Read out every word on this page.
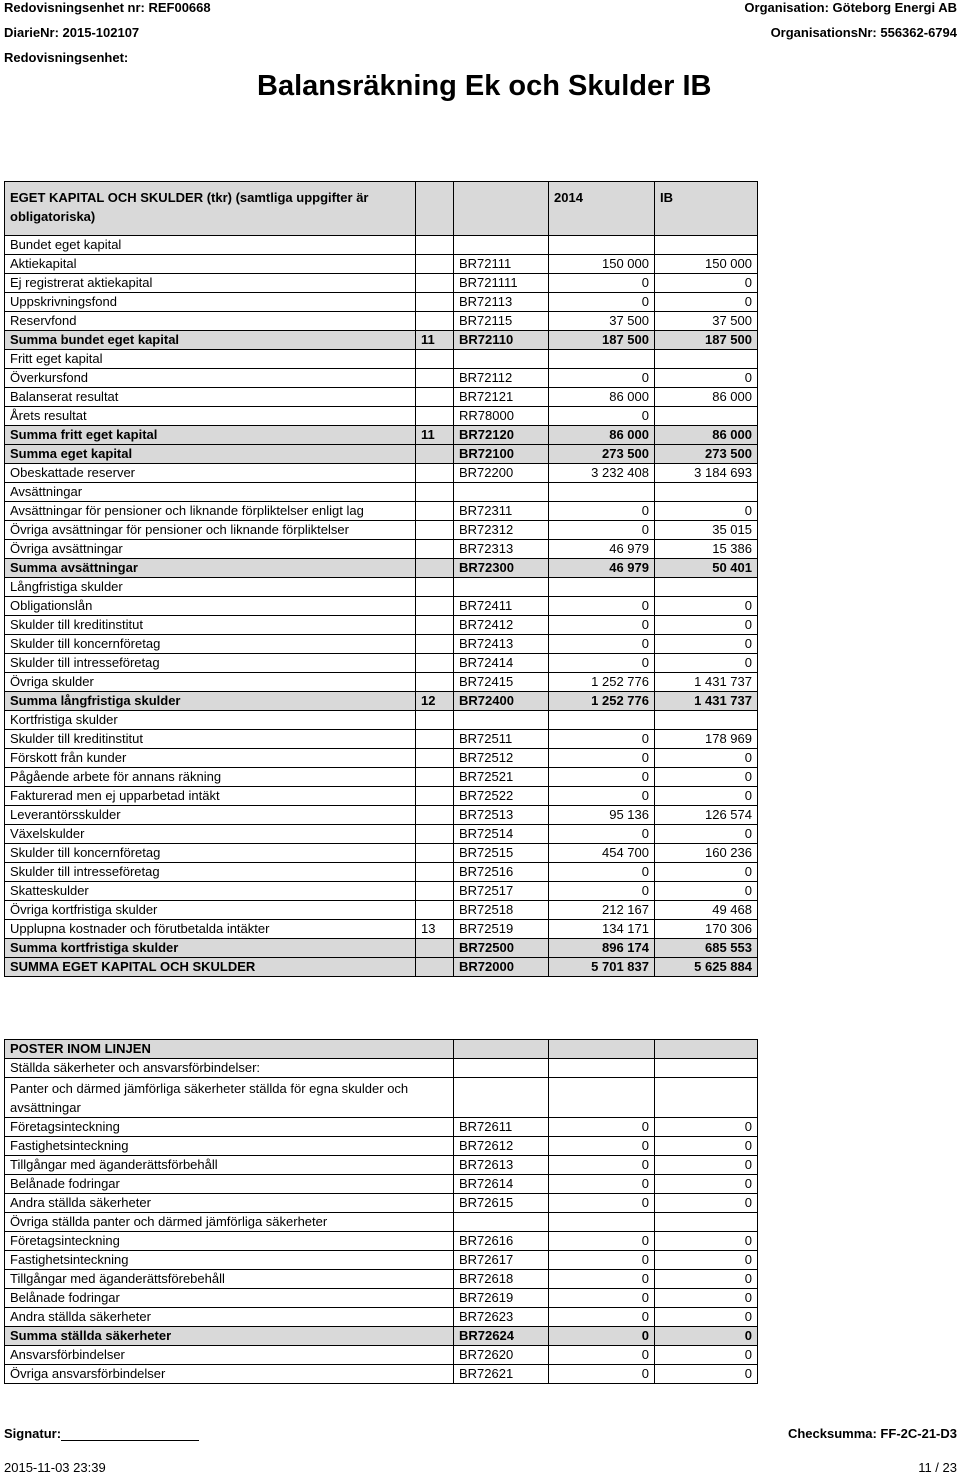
Redovisningsenhet nr: REF00668
DiarieNr: 2015-102107
Redovisningsenhet:
Organisation: Göteborg Energi AB
OrganisationsNr: 556362-6794
Balansräkning Ek och Skulder IB
EGET KAPITAL OCH SKULDER (tkr) (samtliga uppgifter är obligatoriska)			2014	IB
Bundet eget kapital				
Aktiekapital		BR72111	150 000	150 000
Ej registrerat aktiekapital		BR721111	0	0
Uppskrivningsfond		BR72113	0	0
Reservfond		BR72115	37 500	37 500
Summa bundet eget kapital	11	BR72110	187 500	187 500
Fritt eget kapital				
Överkursfond		BR72112	0	0
Balanserat resultat		BR72121	86 000	86 000
Årets resultat		RR78000	0	
Summa fritt eget kapital	11	BR72120	86 000	86 000
Summa eget kapital		BR72100	273 500	273 500
Obeskattade reserver		BR72200	3 232 408	3 184 693
Avsättningar				
Avsättningar för pensioner och liknande förpliktelser enligt lag		BR72311	0	0
Övriga avsättningar för pensioner och liknande förpliktelser		BR72312	0	35 015
Övriga avsättningar		BR72313	46 979	15 386
Summa avsättningar		BR72300	46 979	50 401
Långfristiga skulder				
Obligationslån		BR72411	0	0
Skulder till kreditinstitut		BR72412	0	0
Skulder till koncernföretag		BR72413	0	0
Skulder till intresseföretag		BR72414	0	0
Övriga skulder		BR72415	1 252 776	1 431 737
Summa långfristiga skulder	12	BR72400	1 252 776	1 431 737
Kortfristiga skulder				
Skulder till kreditinstitut		BR72511	0	178 969
Förskott från kunder		BR72512	0	0
Pågående arbete för annans räkning		BR72521	0	0
Fakturerad men ej upparbetad intäkt		BR72522	0	0
Leverantörsskulder		BR72513	95 136	126 574
Växelskulder		BR72514	0	0
Skulder till koncernföretag		BR72515	454 700	160 236
Skulder till intresseföretag		BR72516	0	0
Skatteskulder		BR72517	0	0
Övriga kortfristiga skulder		BR72518	212 167	49 468
Upplupna kostnader och förutbetalda intäkter	13	BR72519	134 171	170 306
Summa kortfristiga skulder		BR72500	896 174	685 553
SUMMA EGET KAPITAL OCH SKULDER		BR72000	5 701 837	5 625 884
POSTER INOM LINJEN			
Ställda säkerheter och ansvarsförbindelser:			
Panter och därmed jämförliga säkerheter ställda för egna skulder och avsättningar			
Företagsinteckning	BR72611	0	0
Fastighetsinteckning	BR72612	0	0
Tillgångar med äganderättsförbehåll	BR72613	0	0
Belånade fodringar	BR72614	0	0
Andra ställda säkerheter	BR72615	0	0
Övriga ställda panter och därmed jämförliga säkerheter			
Företagsinteckning	BR72616	0	0
Fastighetsinteckning	BR72617	0	0
Tillgångar med äganderättsförebehåll	BR72618	0	0
Belånade fodringar	BR72619	0	0
Andra ställda säkerheter	BR72623	0	0
Summa ställda säkerheter	BR72624	0	0
Ansvarsförbindelser	BR72620	0	0
Övriga ansvarsförbindelser	BR72621	0	0
Signatur:	Checksumma: FF-2C-21-D3
2015-11-03 23:39	11 / 23
